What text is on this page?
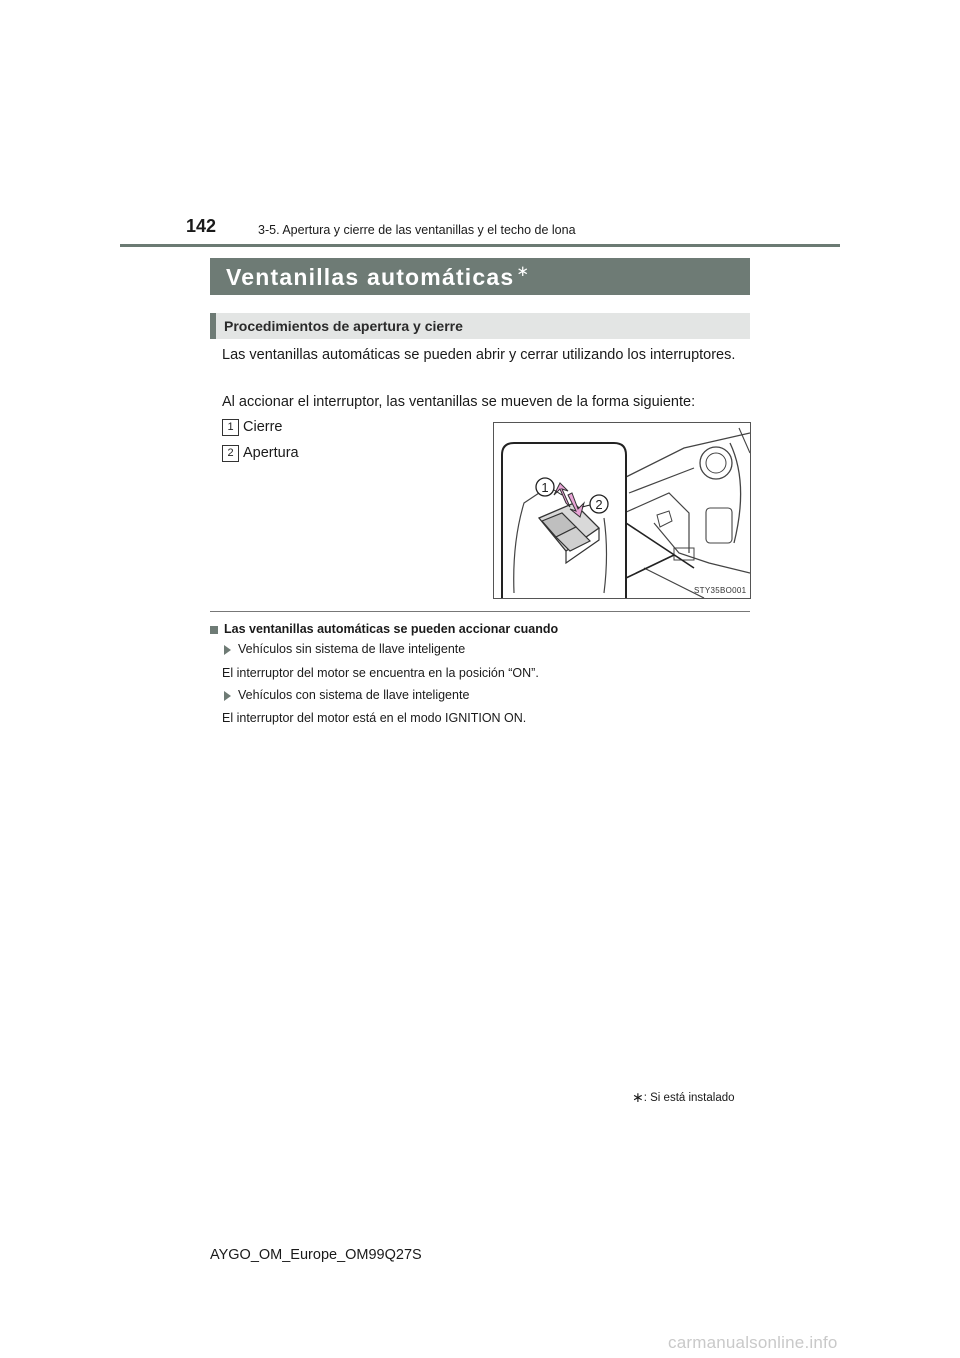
142	3-5. Apertura y cierre de las ventanillas y el techo de lona
Ventanillas automáticas ∗
Procedimientos de apertura y cierre
Las ventanillas automáticas se pueden abrir y cerrar utilizando los interruptores.
Al accionar el interruptor, las ventanillas se mueven de la forma siguiente:
1 Cierre
2 Apertura
1
2
STY35BO001
Las ventanillas automáticas se pueden accionar cuando
Vehículos sin sistema de llave inteligente
El interruptor del motor se encuentra en la posición “ON”.
Vehículos con sistema de llave inteligente
El interruptor del motor está en el modo IGNITION ON.
∗: Si está instalado
AYGO_OM_Europe_OM99Q27S
carmanualsonline.info
